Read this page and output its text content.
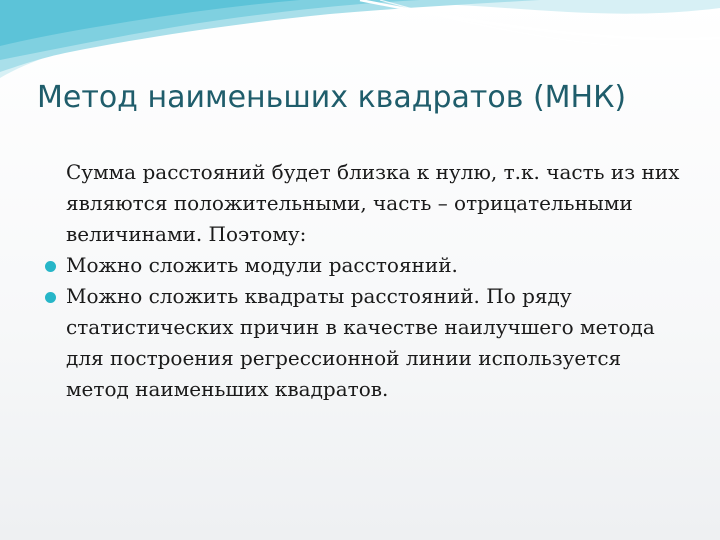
Метод наименьших квадратов (МНК)
Сумма расстояний будет близка к нулю, т.к. часть из них являются положительными, часть – отрицательными величинами. Поэтому:
Можно сложить модули расстояний.
Можно сложить квадраты расстояний. По ряду статистических причин в качестве наилучшего метода для построения регрессионной линии используется метод наименьших квадратов.
